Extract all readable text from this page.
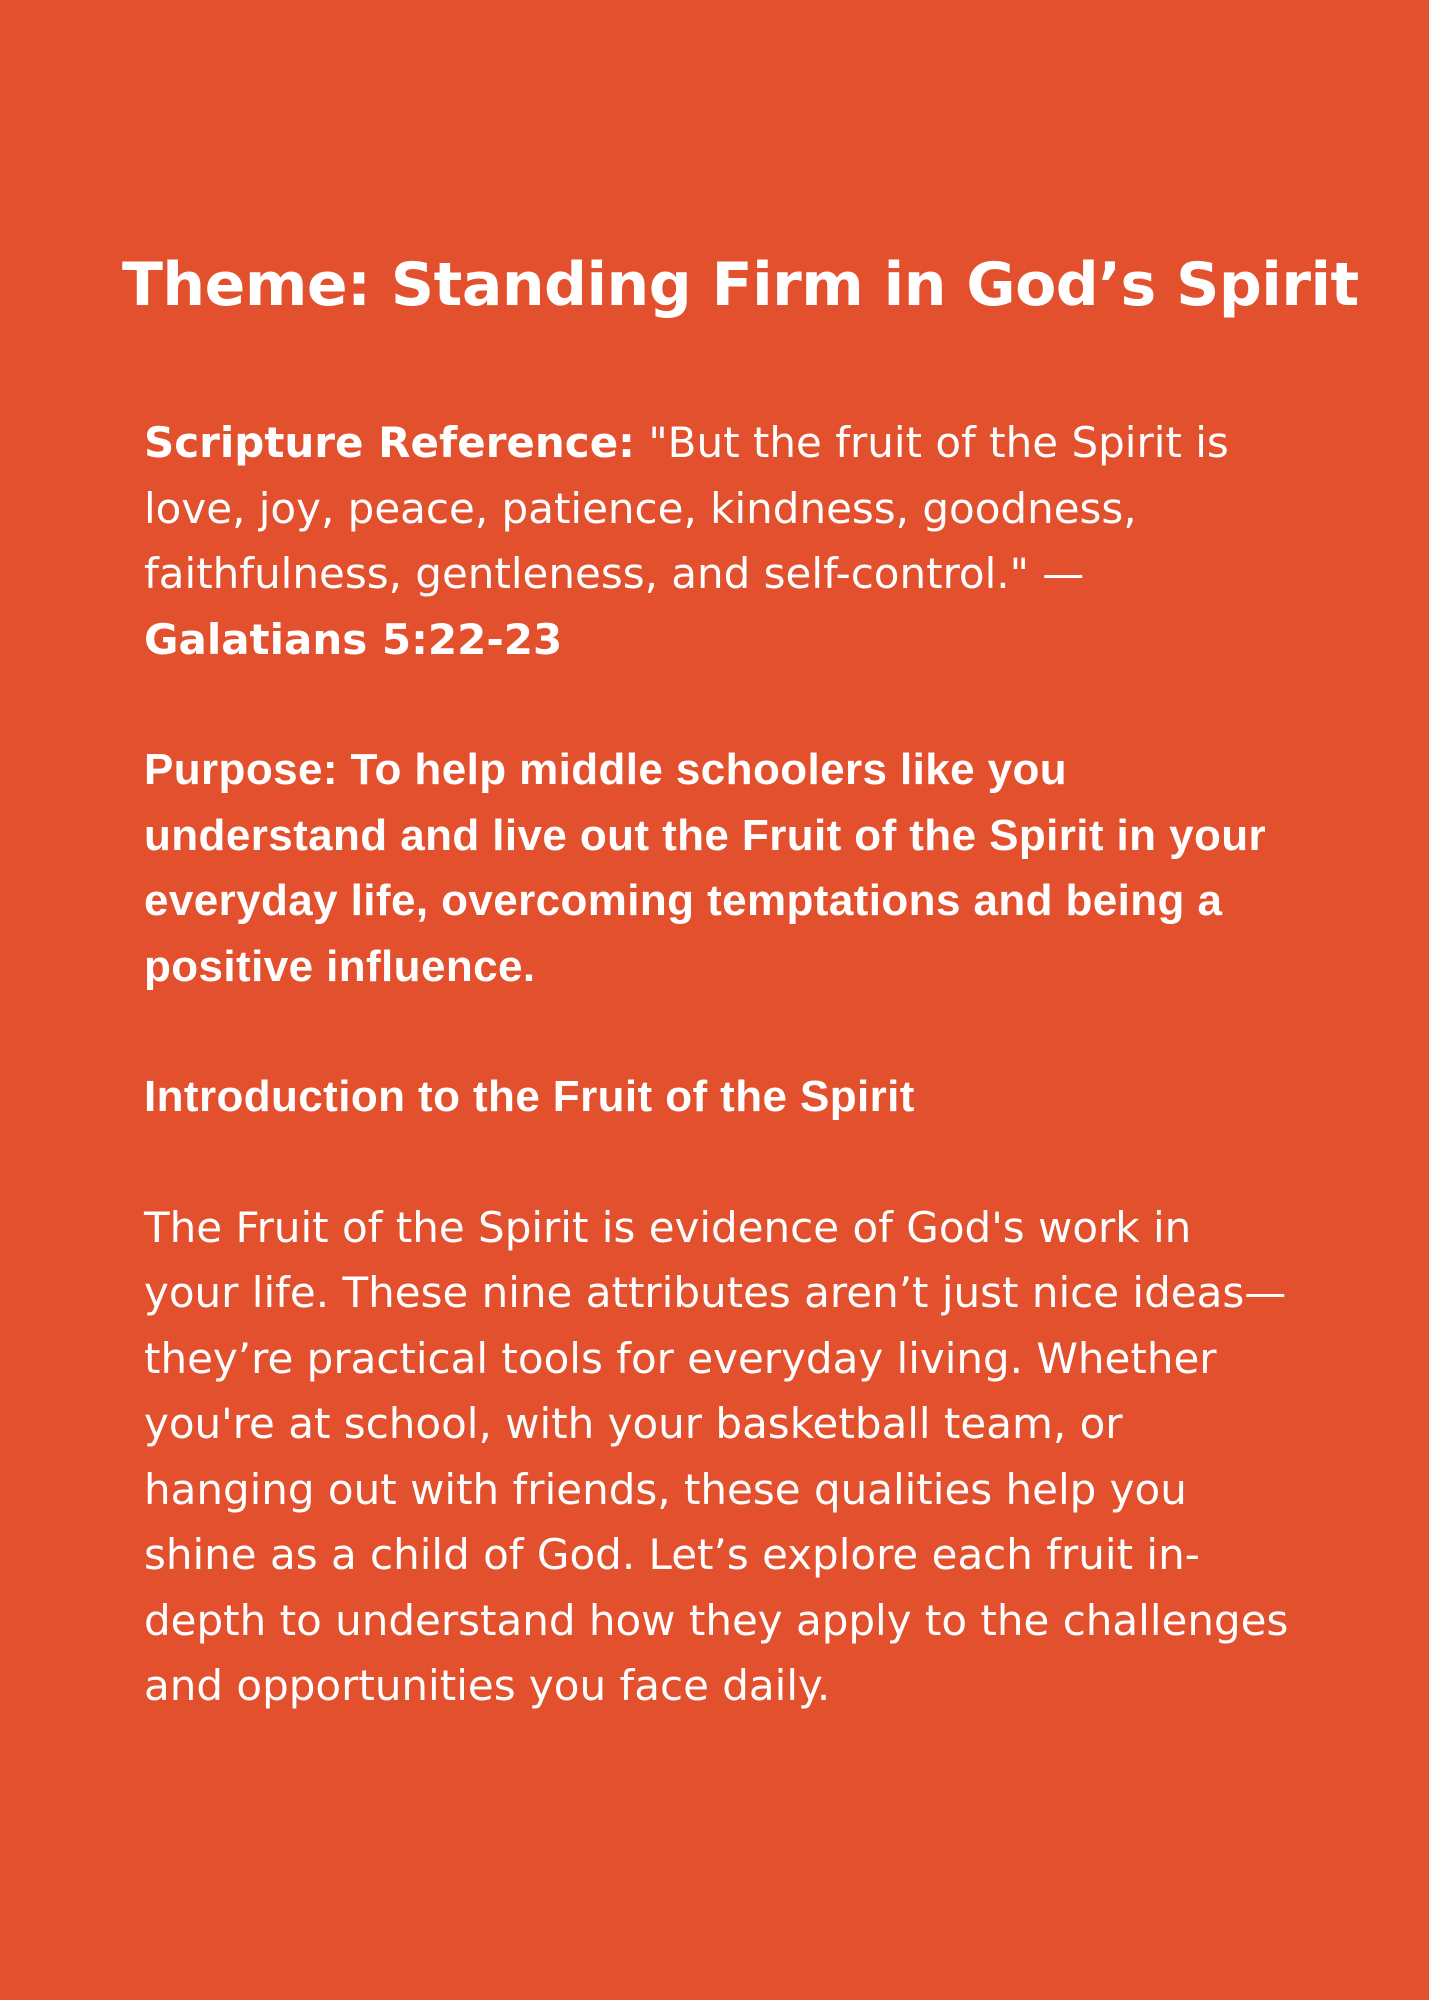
Theme: Standing Firm in God’s Spirit

Scripture Reference: "But the fruit of the Spirit is love, joy, peace, patience, kindness, goodness, faithfulness, gentleness, and self-control." — Galatians 5:22-23

Purpose: To help middle schoolers like you understand and live out the Fruit of the Spirit in your everyday life, overcoming temptations and being a positive influence.

Introduction to the Fruit of the Spirit

The Fruit of the Spirit is evidence of God's work in your life. These nine attributes aren’t just nice ideas—they’re practical tools for everyday living. Whether you're at school, with your basketball team, or hanging out with friends, these qualities help you shine as a child of God. Let’s explore each fruit in-depth to understand how they apply to the challenges and opportunities you face daily.
